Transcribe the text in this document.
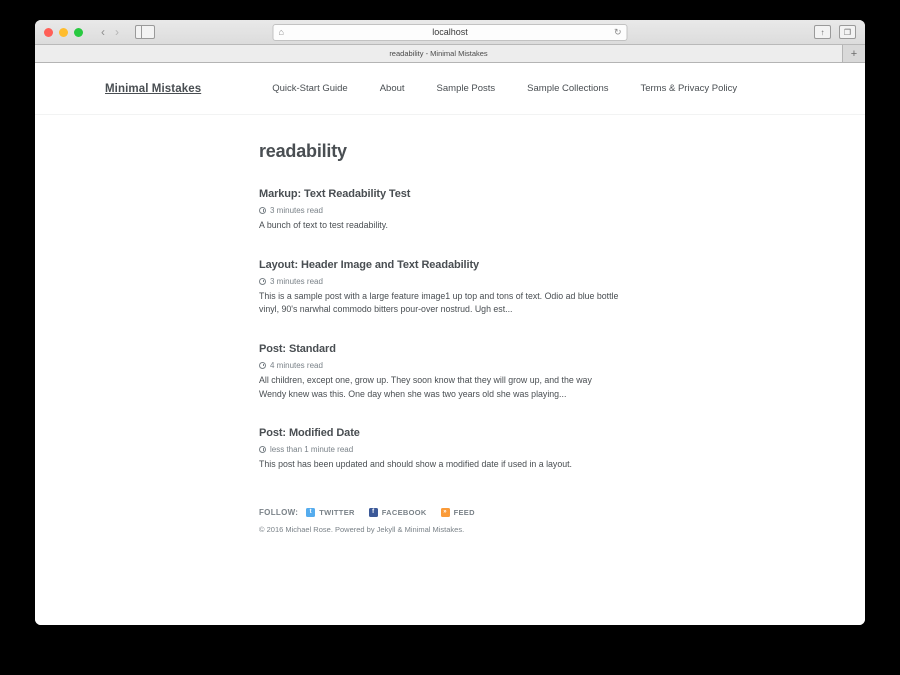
‹ ›	⌂	localhost	↻	↑	❐
readability - Minimal Mistakes	+
Minimal Mistakes	Quick-Start Guide	About	Sample Posts	Sample Collections	Terms & Privacy Policy
readability
Markup: Text Readability Test
3 minutes read

A bunch of text to test readability.

Layout: Header Image and Text Readability
3 minutes read

This is a sample post with a large feature image1 up top and tons of text. Odio ad blue bottle vinyl, 90's narwhal commodo bitters pour-over nostrud. Ugh est...

Post: Standard
4 minutes read

All children, except one, grow up. They soon know that they will grow up, and the way Wendy knew was this. One day when she was two years old she was playing...

Post: Modified Date
less than 1 minute read

This post has been updated and should show a modified date if used in a layout.

FOLLOW:	t TWITTER	f FACEBOOK	» FEED
© 2016 Michael Rose. Powered by Jekyll & Minimal Mistakes.
